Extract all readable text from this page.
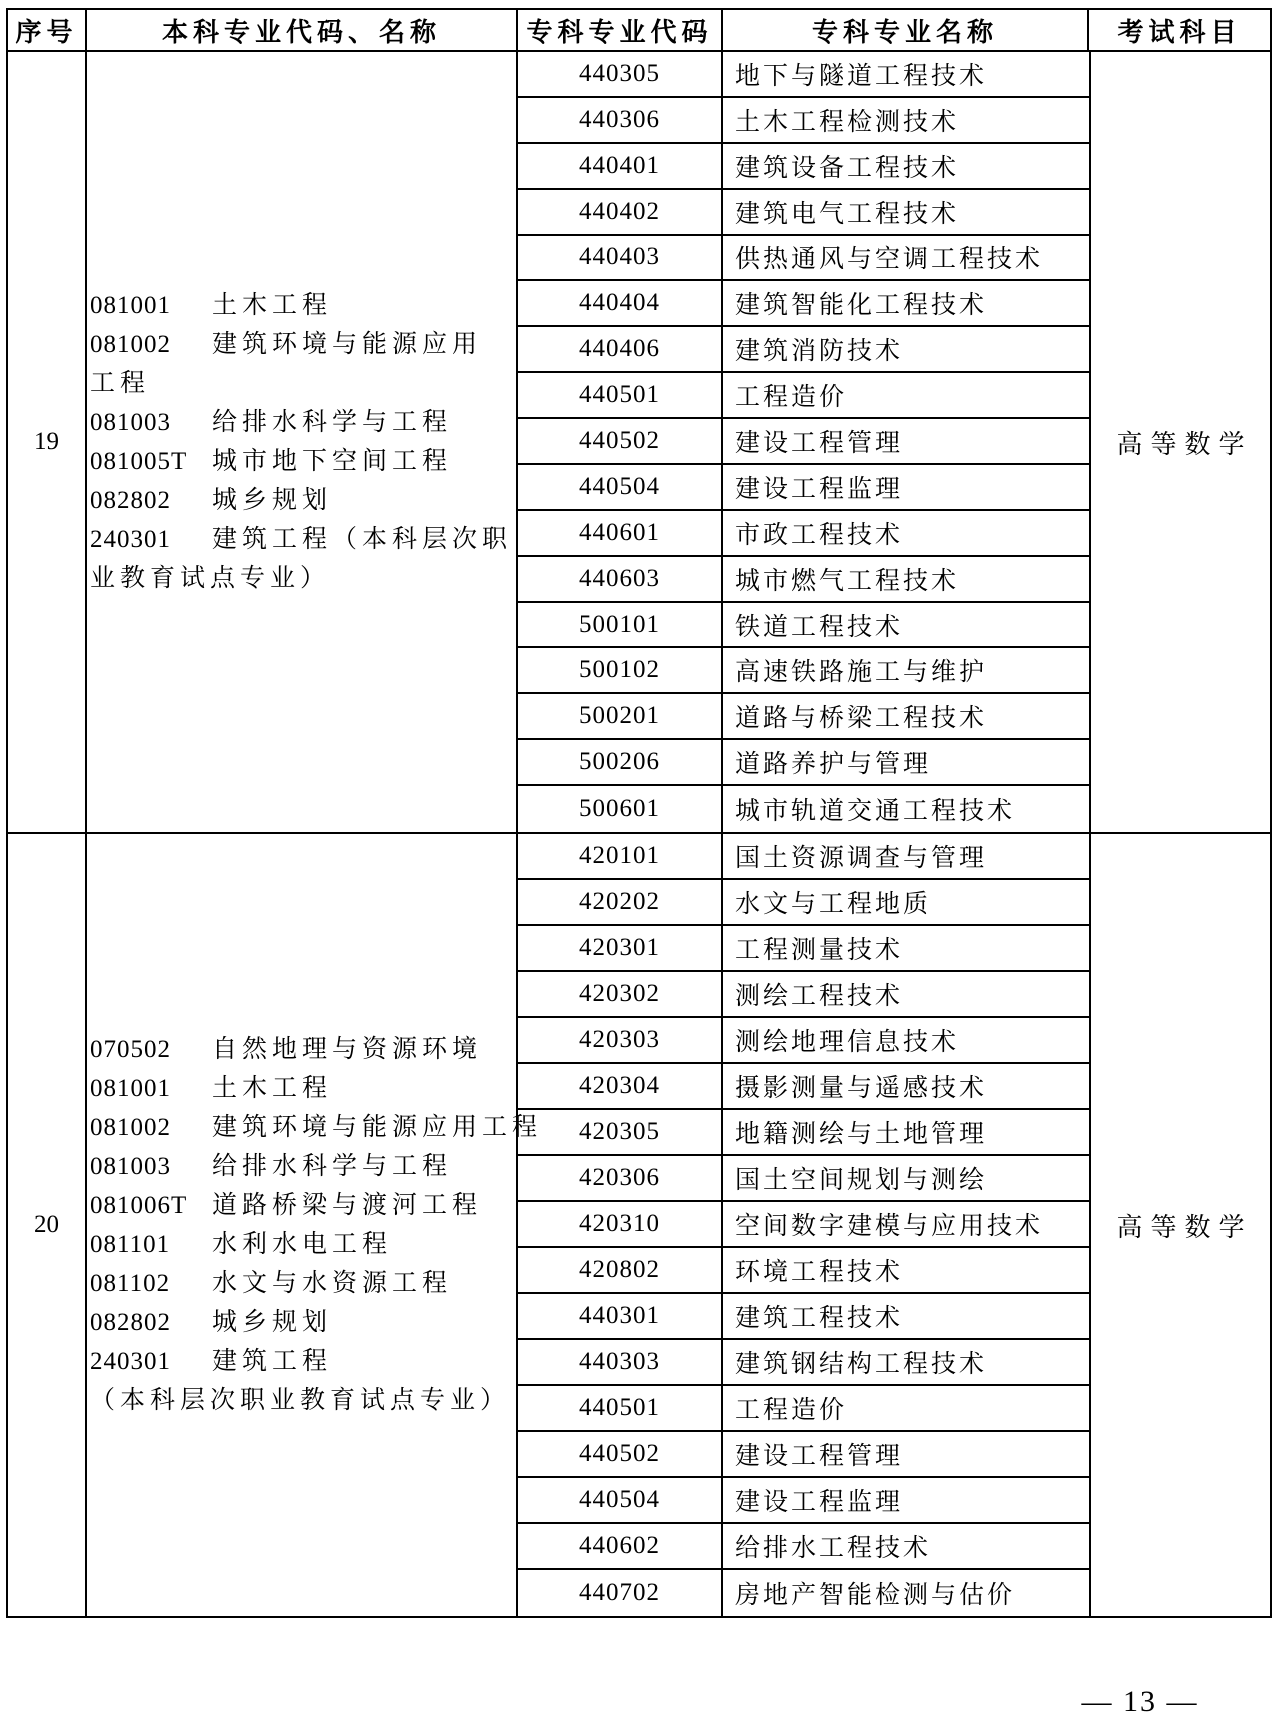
序号	本科专业代码、名称	专科专业代码	专科专业名称	考试科目
19
081001 土木工程
081002 建筑环境与能源应用
工程
081003 给排水科学与工程
081005T 城市地下空间工程
082802 城乡规划
240301 建筑工程（本科层次职
业教育试点专业）
440305	地下与隧道工程技术
440306	土木工程检测技术
440401	建筑设备工程技术
440402	建筑电气工程技术
440403	供热通风与空调工程技术
440404	建筑智能化工程技术
440406	建筑消防技术
440501	工程造价
440502	建设工程管理
440504	建设工程监理
440601	市政工程技术
440603	城市燃气工程技术
500101	铁道工程技术
500102	高速铁路施工与维护
500201	道路与桥梁工程技术
500206	道路养护与管理
500601	城市轨道交通工程技术
高等数学
20
070502 自然地理与资源环境
081001 土木工程
081002 建筑环境与能源应用工程
081003 给排水科学与工程
081006T 道路桥梁与渡河工程
081101 水利水电工程
081102 水文与水资源工程
082802 城乡规划
240301 建筑工程
（本科层次职业教育试点专业）
420101	国土资源调查与管理
420202	水文与工程地质
420301	工程测量技术
420302	测绘工程技术
420303	测绘地理信息技术
420304	摄影测量与遥感技术
420305	地籍测绘与土地管理
420306	国土空间规划与测绘
420310	空间数字建模与应用技术
420802	环境工程技术
440301	建筑工程技术
440303	建筑钢结构工程技术
440501	工程造价
440502	建设工程管理
440504	建设工程监理
440602	给排水工程技术
440702	房地产智能检测与估价
高等数学
— 13 —
